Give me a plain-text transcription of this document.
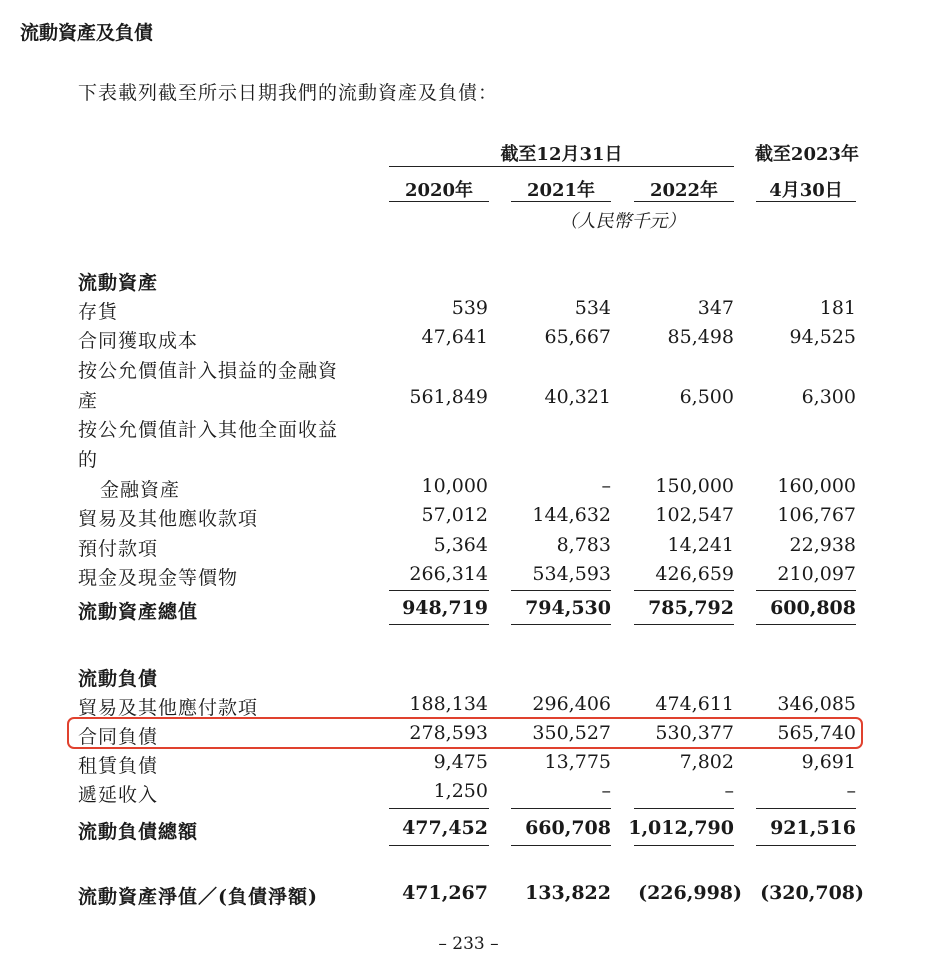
流動資產及負債
下表載列截至所示日期我們的流動資產及負債：
截至12月31日	截至2023年
2020年	2021年	2022年	4月30日
（人民幣千元）
流動資產
存貨	539	534	347	181
合同獲取成本	47,641	65,667	85,498	94,525
按公允價值計入損益的金融資
產	561,849	40,321	6,500	6,300
按公允價值計入其他全面收益
的
金融資產	10,000	– 150,000 160,000
貿易及其他應收款項	57,012 144,632 102,547 106,767
預付款項	5,364	8,783	14,241	22,938
現金及現金等價物	266,314 534,593 426,659 210,097
流動資產總值	948,719 794,530 785,792 600,808
流動負債
貿易及其他應付款項	188,134 296,406 474,611 346,085
合同負債	278,593 350,527 530,377 565,740
租賃負債	9,475	13,775	7,802	9,691
遞延收入	1,250	–	–	–
流動負債總額	477,452 660,708 1,012,790 921,516
流動資產淨值／(負債淨額)	471,267 133,822 (226,998) (320,708)
– 233 –
